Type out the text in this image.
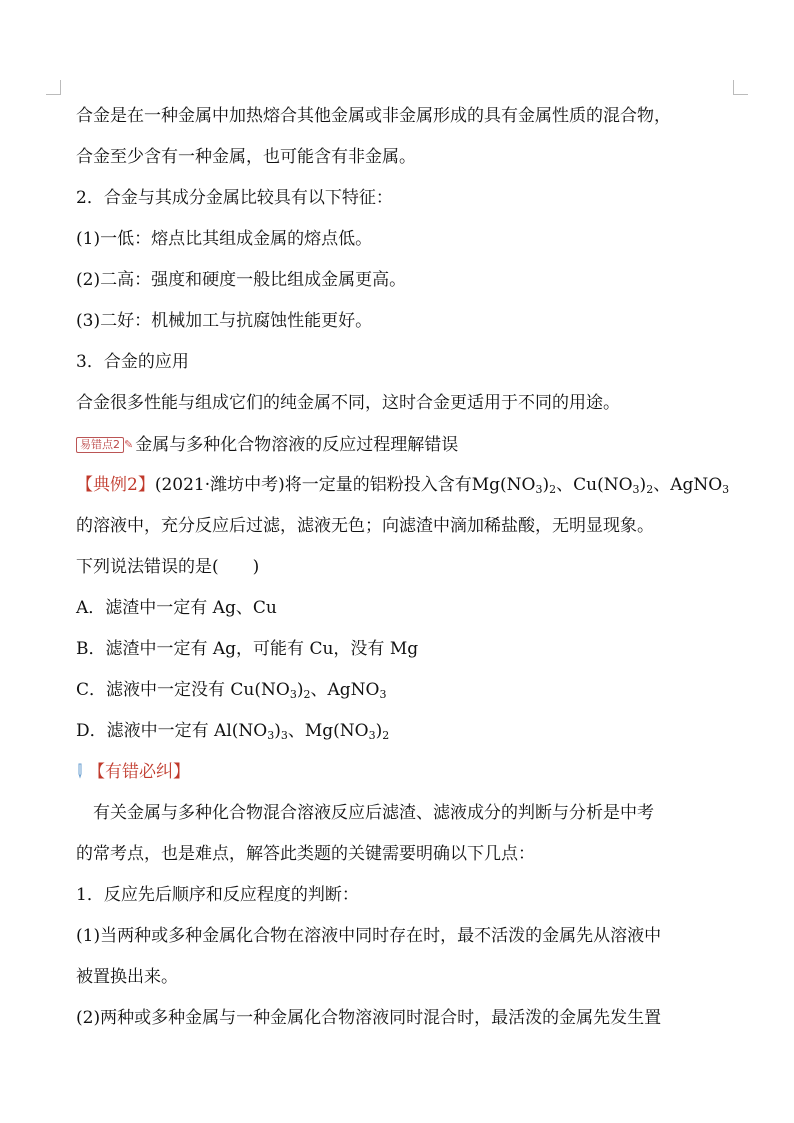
合金是在一种金属中加热熔合其他金属或非金属形成的具有金属性质的混合物，
合金至少含有一种金属，也可能含有非金属。
2．合金与其成分金属比较具有以下特征：
(1)一低：熔点比其组成金属的熔点低。
(2)二高：强度和硬度一般比组成金属更高。
(3)二好：机械加工与抗腐蚀性能更好。
3．合金的应用
合金很多性能与组成它们的纯金属不同，这时合金更适用于不同的用途。
易错点2 ✎ 金属与多种化合物溶液的反应过程理解错误
【典例2】(2021·潍坊中考)将一定量的铝粉投入含有$Mg(NO_3)_2$、$Cu(NO_3)_2$、AgNO$_3$
的溶液中，充分反应后过滤，滤液无色；向滤渣中滴加稀盐酸，无明显现象。
下列说法错误的是(　　)
A．滤渣中一定有 Ag、Cu
B．滤渣中一定有 Ag，可能有 Cu，没有 Mg
C．滤液中一定没有 $Cu(NO_3)_2$、AgNO$_3$
D．滤液中一定有 $Al(NO_3)_3$、$Mg(NO_3)_2$
【有错必纠】
有关金属与多种化合物混合溶液反应后滤渣、滤液成分的判断与分析是中考
的常考点，也是难点，解答此类题的关键需要明确以下几点：
1．反应先后顺序和反应程度的判断：
(1)当两种或多种金属化合物在溶液中同时存在时，最不活泼的金属先从溶液中
被置换出来。
(2)两种或多种金属与一种金属化合物溶液同时混合时，最活泼的金属先发生置
